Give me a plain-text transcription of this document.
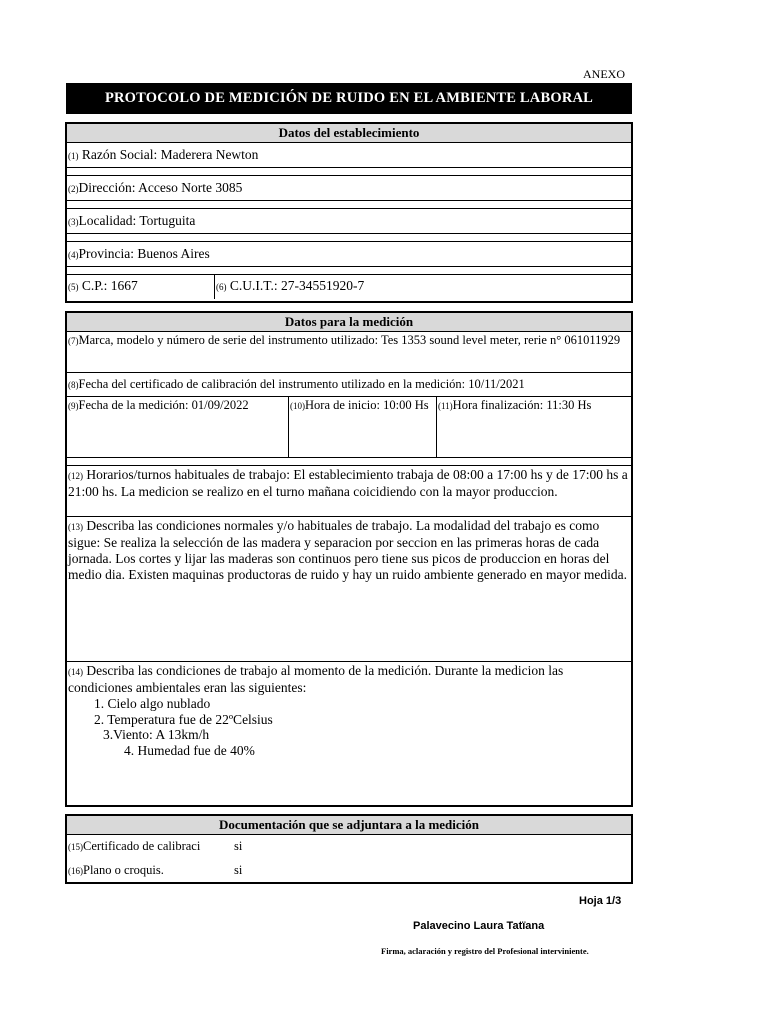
ANEXO
PROTOCOLO DE MEDICIÓN DE RUIDO EN EL AMBIENTE LABORAL
Datos del establecimiento
(1) Razón Social: Maderera Newton
(2)Dirección: Acceso Norte 3085
(3)Localidad: Tortuguita
(4)Provincia: Buenos Aires
(5) C.P.: 1667	(6) C.U.I.T.: 27-34551920-7
Datos para la medición
(7)Marca, modelo y número de serie del instrumento utilizado: Tes 1353 sound level meter, rerie n° 061011929
(8)Fecha del certificado de calibración del instrumento utilizado en la medición: 10/11/2021
(9)Fecha de la medición: 01/09/2022	(10)Hora de inicio: 10:00 Hs (11)Hora finalización: 11:30 Hs
(12) Horarios/turnos habituales de trabajo: El establecimiento trabaja de 08:00 a 17:00 hs y de 17:00 hs a 21:00 hs. La medicion se realizo en el turno mañana coicidiendo con la mayor produccion.
(13) Describa las condiciones normales y/o habituales de trabajo. La modalidad del trabajo es como sigue: Se realiza la selección de las madera y separacion por seccion en las primeras horas de cada jornada. Los cortes y lijar las maderas son continuos pero tiene sus picos de produccion en horas del medio dia. Existen maquinas productoras de ruido y hay un ruido ambiente generado en mayor medida.
(14) Describa las condiciones de trabajo al momento de la medición. Durante la medicion las condiciones ambientales eran las siguientes:
1. Cielo algo nublado
2. Temperatura fue de 22ºCelsius
3.Viento: A 13km/h
4. Humedad fue de 40%
Documentación que se adjuntara a la medición
(15)Certificado de calibraci	si
(16)Plano o croquis.	si
Hoja 1/3
Palavecino Laura Tatïana
Firma, aclaración y registro del Profesional interviniente.
